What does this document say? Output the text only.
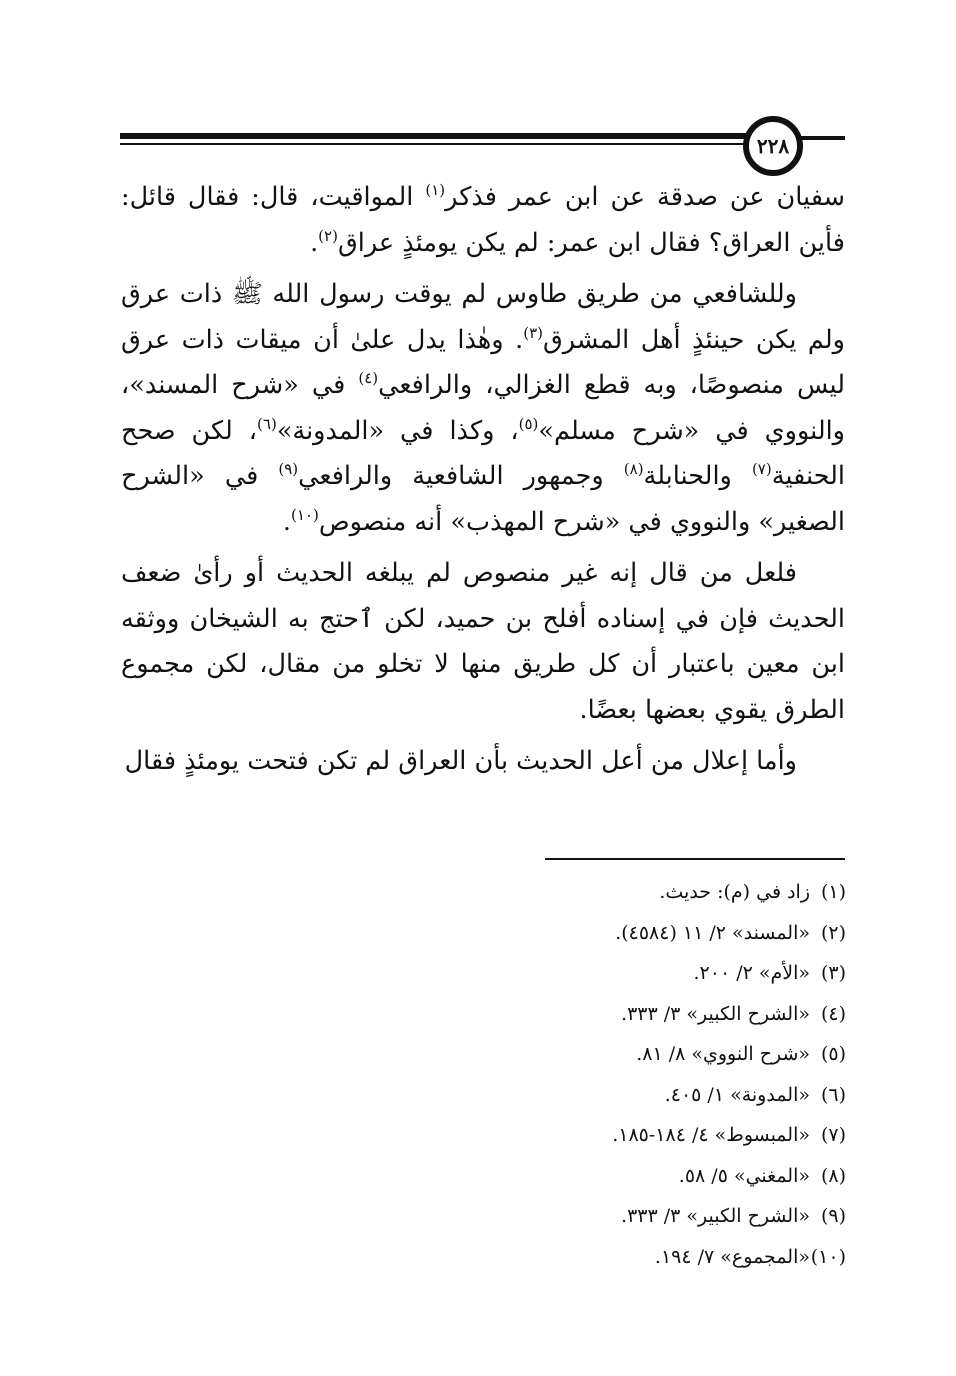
٢٢٨

سفيان عن صدقة عن ابن عمر فذكر$^{(١)}$ المواقيت، قال: فقال قائل: فأين العراق؟ فقال ابن عمر: لم يكن يومئذٍ عراق$^{(٢)}$.

وللشافعي من طريق طاوس لم يوقت رسول الله ﷺ ذات عرق ولم يكن حينئذٍ أهل المشرق$^{(٣)}$. وهٰذا يدل علىٰ أن ميقات ذات عرق ليس منصوصًا، وبه قطع الغزالي، والرافعي$^{(٤)}$ في «شرح المسند»، والنووي في «شرح مسلم»$^{(٥)}$، وكذا في «المدونة»$^{(٦)}$، لكن صحح الحنفية$^{(٧)}$ والحنابلة$^{(٨)}$ وجمهور الشافعية والرافعي$^{(٩)}$ في «الشرح الصغير» والنووي في «شرح المهذب» أنه منصوص$^{(١٠)}$.

فلعل من قال إنه غير منصوص لم يبلغه الحديث أو رأىٰ ضعف الحديث فإن في إسناده أفلح بن حميد، لكن ٱحتج به الشيخان ووثقه ابن معين باعتبار أن كل طريق منها لا تخلو من مقال، لكن مجموع الطرق يقوي بعضها بعضًا.

وأما إعلال من أعل الحديث بأن العراق لم تكن فتحت يومئذٍ فقال

(١)زاد في (م): حديث.
(٢)«المسند» ٢/ ١١ (٤٥٨٤).
(٣)«الأم» ٢/ ٢٠٠.
(٤)«الشرح الكبير» ٣/ ٣٣٣.
(٥)«شرح النووي» ٨/ ٨١.
(٦)«المدونة» ١/ ٤٠٥.
(٧)«المبسوط» ٤/ ١٨٤-١٨٥.
(٨)«المغني» ٥/ ٥٨.
(٩)«الشرح الكبير» ٣/ ٣٣٣.
(١٠)«المجموع» ٧/ ١٩٤.
